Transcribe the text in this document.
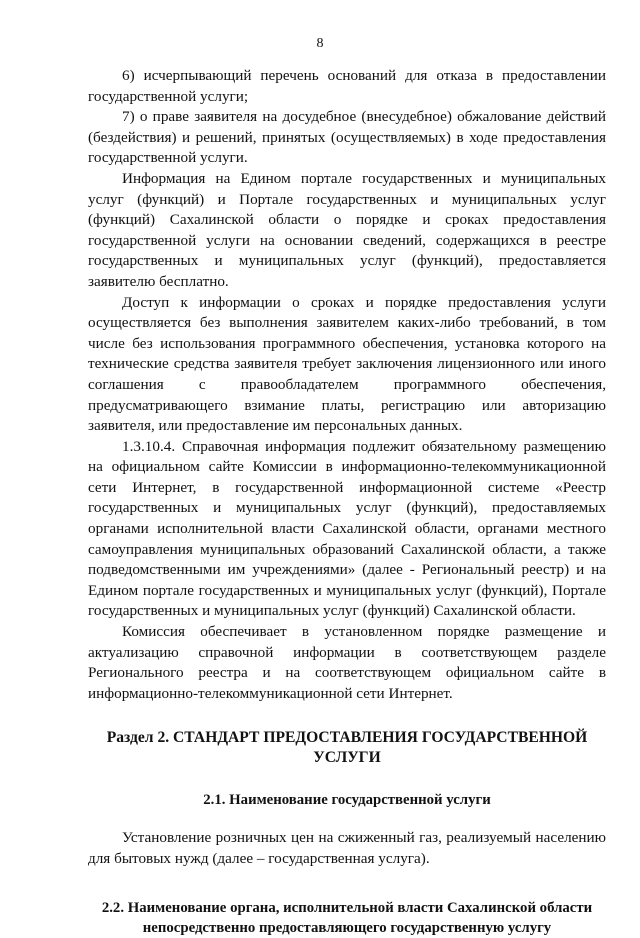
8

6) исчерпывающий перечень оснований для отказа в предоставлении государственной услуги;

7) о праве заявителя на досудебное (внесудебное) обжалование действий (бездействия) и решений, принятых (осуществляемых) в ходе предоставления государственной услуги.

Информация на Едином портале государственных и муниципальных услуг (функций) и Портале государственных и муниципальных услуг (функций) Сахалинской области о порядке и сроках предоставления государственной услуги на основании сведений, содержащихся в реестре государственных и муниципальных услуг (функций), предоставляется заявителю бесплатно.

Доступ к информации о сроках и порядке предоставления услуги осуществляется без выполнения заявителем каких-либо требований, в том числе без использования программного обеспечения, установка которого на технические средства заявителя требует заключения лицензионного или иного соглашения с правообладателем программного обеспечения, предусматривающего взимание платы, регистрацию или авторизацию заявителя, или предоставление им персональных данных.

1.3.10.4. Справочная информация подлежит обязательному размещению на официальном сайте Комиссии в информационно-телекоммуникационной сети Интернет, в государственной информационной системе «Реестр государственных и муниципальных услуг (функций), предоставляемых органами исполнительной власти Сахалинской области, органами местного самоуправления муниципальных образований Сахалинской области, а также подведомственными им учреждениями» (далее - Региональный реестр) и на Едином портале государственных и муниципальных услуг (функций), Портале государственных и муниципальных услуг (функций) Сахалинской области.

Комиссия обеспечивает в установленном порядке размещение и актуализацию справочной информации в соответствующем разделе Регионального реестра и на соответствующем официальном сайте в информационно-телекоммуникационной сети Интернет.

Раздел 2. СТАНДАРТ ПРЕДОСТАВЛЕНИЯ ГОСУДАРСТВЕННОЙ УСЛУГИ
2.1. Наименование государственной услуги

Установление розничных цен на сжиженный газ, реализуемый населению для бытовых нужд (далее – государственная услуга).

2.2. Наименование органа, исполнительной власти Сахалинской области непосредственно предоставляющего государственную услугу
